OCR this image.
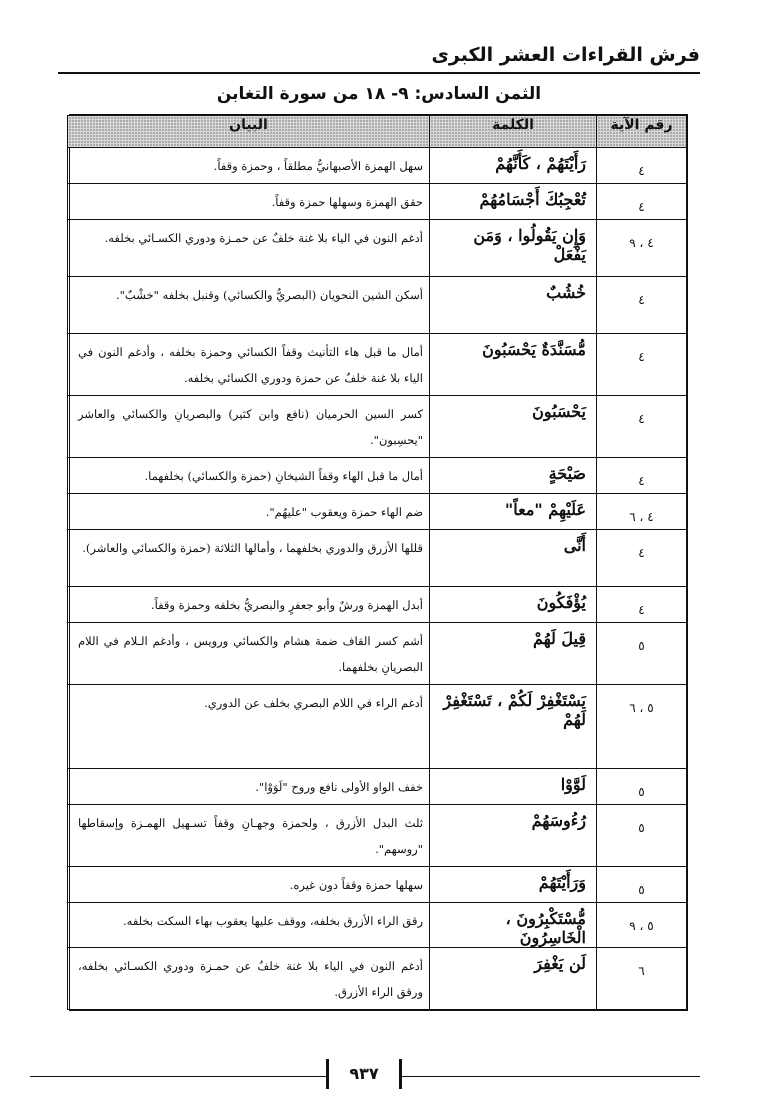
فرش القراءات العشر الكبرى
الثمن السادس: ٩- ١٨ من سورة التغابن
رقم الآية	الكلمة	البيان
٤	رَأَيْتَهُمْ ، كَأَنَّهُمْ	سهل الهمزة الأصبهانيُّ مطلقاً ، وحمزة وقفاً.
٤	تُعْجِبُكَ أَجْسَامُهُمْ	حقق الهمزة وسهلها حمزة وقفاً.
٤ ، ٩	وَإِن يَقُولُوا ، وَمَن يَفْعَلْ	أدغم النون في الياء بلا غنة خلفٌ عن حمـزة ودوري الكسـائي بخلفه.
٤	خُشُبٌ	أسكن الشين النحويان (البصريُّ والكسائي) وقنبل بخلفه "خشْبٌ".
٤	مُّسَنَّدَةٌ يَحْسَبُونَ	أمال ما قبل هاء التأنيث وقفاً الكسائي وحمزة بخلفه ، وأدغم النون في الياء بلا غنة خلفٌ عن حمزة ودوري الكسائي بخلفه.
٤	يَحْسَبُونَ	كسر السين الحرميان (نافع وابن كثير) والبصريانِ والكسائي والعاشر "يحسِبون".
٤	صَيْحَةٍ	أمال ما قبل الهاء وقفاً الشيخانِ (حمزة والكسائي) بخلفهما.
٤ ، ٦	عَلَيْهِمْ "معاً"	ضم الهاء حمزة ويعقوب "عليهُم".
٤	أَنَّى	قللها الأزرق والدوري بخلفهما ، وأمالها الثلاثة (حمزة والكسائي والعاشر).
٤	يُؤْفَكُونَ	أبدل الهمزة ورشٌ وأبو جعفرٍ والبصريُّ بخلفه وحمزة وقفاً.
٥	قِيلَ لَهُمْ	أشم كسر القاف ضمة هشام والكسائي ورويس ، وأدغم الـلام في اللام البصريانِ بخلفهما.
٥ ، ٦	يَسْتَغْفِرْ لَكُمْ ، تَسْتَغْفِرْ لَهُمْ	أدغم الراء في اللام البصري بخلف عن الدوري.
٥	لَوَّوْا	خفف الواو الأولى نافع وروح "لَوَوْا".
٥	رُءُوسَهُمْ	ثلث البدل الأزرق ، ولحمزة وجهـانِ وقفاً تسـهيل الهمـزة وإسقاطها "روسهم".
٥	وَرَأَيْتَهُمْ	سهلها حمزة وقفاً دون غيره.
٥ ، ٩	مُّسْتَكْبِرُونَ ، الْخَاسِرُونَ	رقق الراء الأزرق بخلفه، ووقف عليها يعقوب بهاء السكت بخلفه.
٦	لَن يَغْفِرَ	أدغم النون في الياء بلا غنة خلفٌ عن حمـزة ودوري الكسـائي بخلفه، ورقق الراء الأزرق.
٩٣٧
